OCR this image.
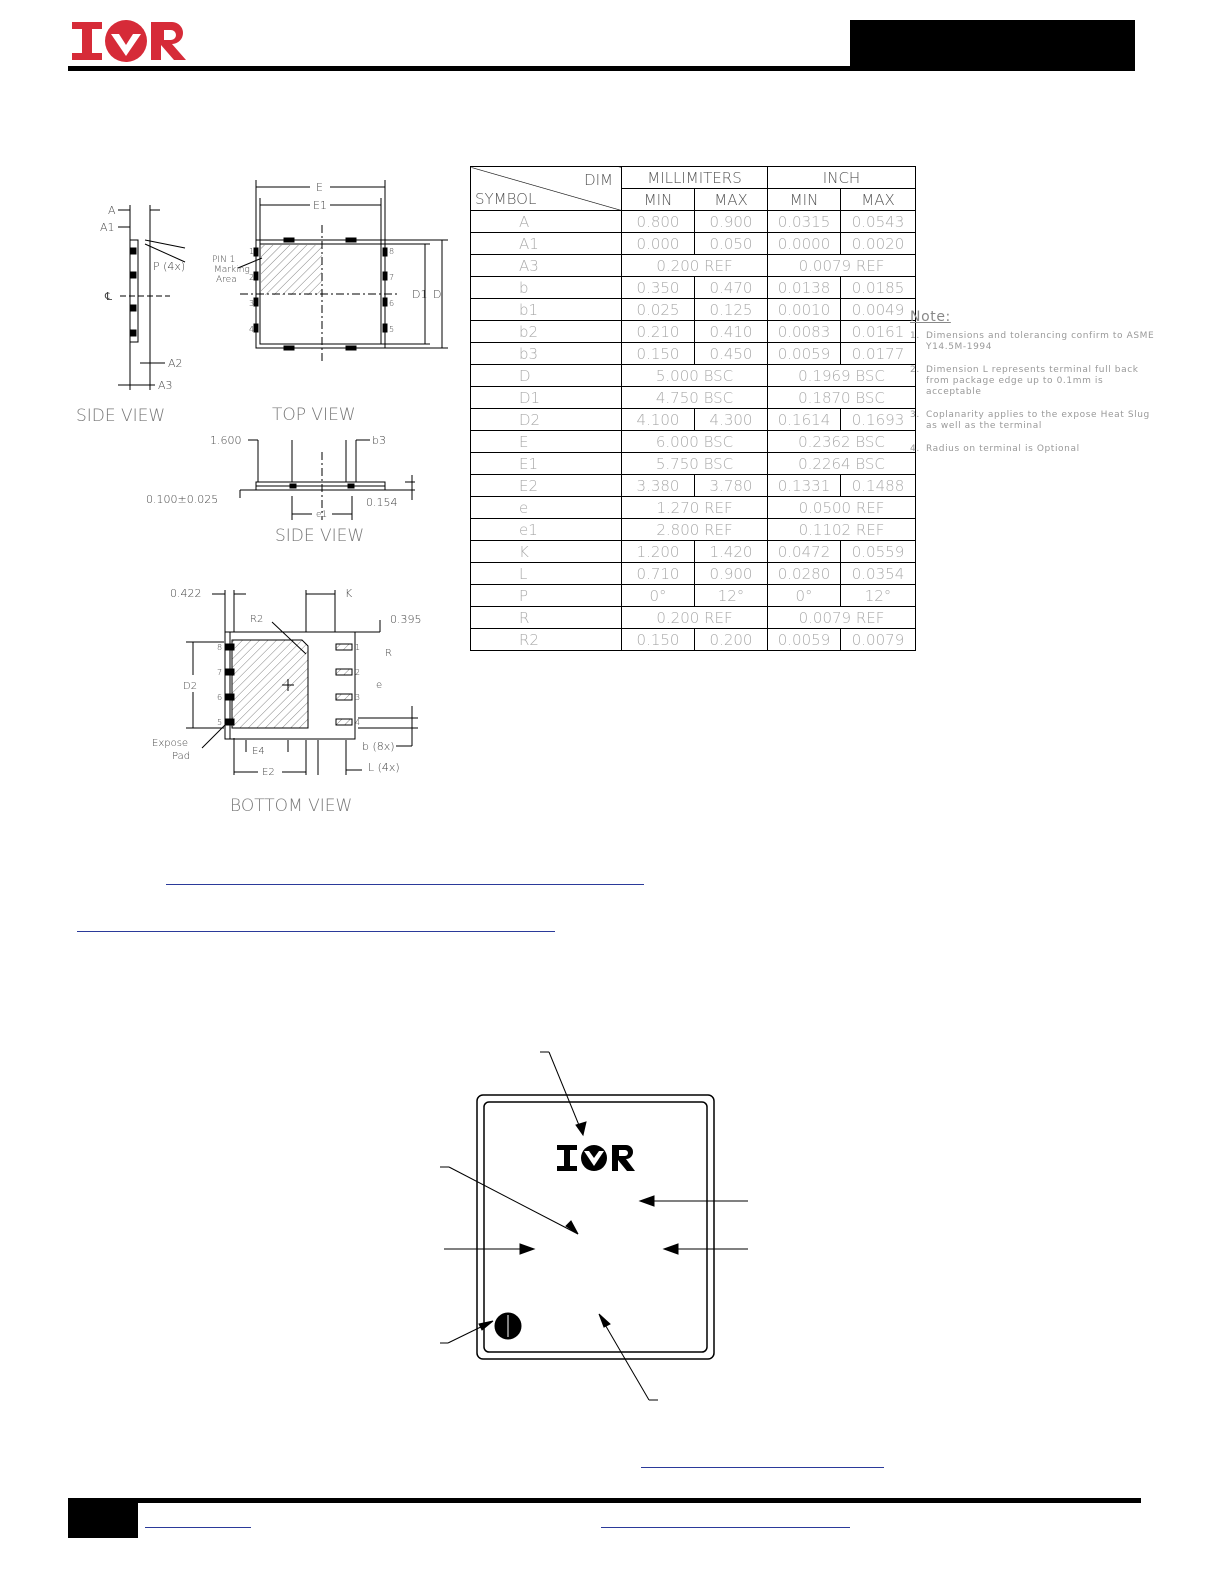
A
A1
℄
P (4x)
A2
A3
SIDE VIEW
E
E1
PIN 1
Marking
Area
D1 D
1
2
3
4
8
7
6
5
TOP VIEW
1.600	b3
0.100±0.025
e1
0.154
SIDE VIEW
0.422	K
R2	0.395
R
D2	e
Expose
Pad	E4
E2
b (8x)
L (4x)
8
7
6
5
1
2
3
4
BOTTOM VIEW
DIM
SYMBOL	MILLIMITERS		INCH	
	MIN	MAX	MIN	MAX
A	0.800	0.900	0.0315	0.0543
A1	0.000	0.050	0.0000	0.0020
A3	0.200 REF		0.0079 REF	
b	0.350	0.470	0.0138	0.0185
b1	0.025	0.125	0.0010	0.0049
b2	0.210	0.410	0.0083	0.0161
b3	0.150	0.450	0.0059	0.0177
D	5.000 BSC		0.1969 BSC	
D1	4.750 BSC		0.1870 BSC	
D2	4.100	4.300	0.1614	0.1693
E	6.000 BSC		0.2362 BSC	
E1	5.750 BSC		0.2264 BSC	
E2	3.380	3.780	0.1331	0.1488
e	1.270 REF		0.0500 REF	
e1	2.800 REF		0.1102 REF	
K	1.200	1.420	0.0472	0.0559
L	0.710	0.900	0.0280	0.0354
P	0°	12°	0°	12°
R	0.200 REF		0.0079 REF	
R2	0.150	0.200	0.0059	0.0079
Note:
1. Dimensions and tolerancing confirm to ASME Y14.5M-1994
2. Dimension L represents terminal full back from package edge up to 0.1mm is acceptable
3. Coplanarity applies to the expose Heat Slug as well as the terminal
4. Radius on terminal is Optional
